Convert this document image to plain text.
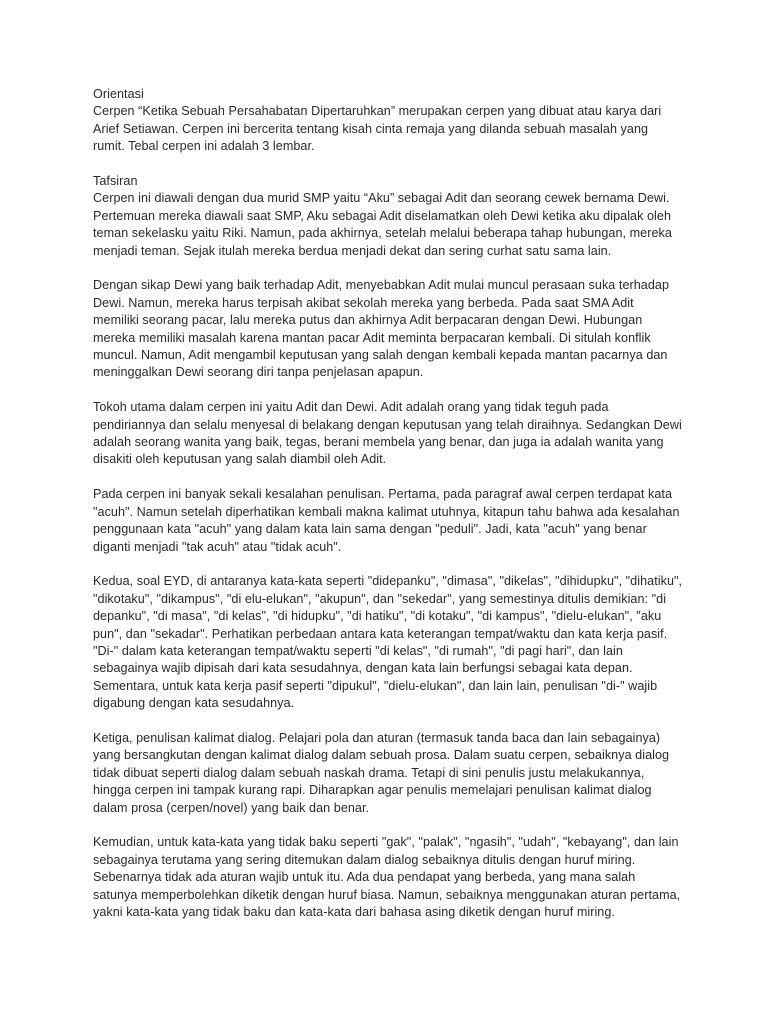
Orientasi

Cerpen “Ketika Sebuah Persahabatan Dipertaruhkan” merupakan cerpen yang dibuat atau karya dari Arief Setiawan. Cerpen ini bercerita tentang kisah cinta remaja yang dilanda sebuah masalah yang rumit. Tebal cerpen ini adalah 3 lembar.

Tafsiran

Cerpen ini diawali dengan dua murid SMP yaitu “Aku” sebagai Adit dan seorang cewek bernama Dewi. Pertemuan mereka diawali saat SMP, Aku sebagai Adit diselamatkan oleh Dewi ketika aku dipalak oleh teman sekelasku yaitu Riki. Namun, pada akhirnya, setelah melalui beberapa tahap hubungan, mereka menjadi teman. Sejak itulah mereka berdua menjadi dekat dan sering curhat satu sama lain.

Dengan sikap Dewi yang baik terhadap Adit, menyebabkan Adit mulai muncul perasaan suka terhadap Dewi. Namun, mereka harus terpisah akibat sekolah mereka yang berbeda. Pada saat SMA Adit memiliki seorang pacar, lalu mereka putus dan akhirnya Adit berpacaran dengan Dewi. Hubungan mereka memiliki masalah karena mantan pacar Adit meminta berpacaran kembali. Di situlah konflik muncul. Namun, Adit mengambil keputusan yang salah dengan kembali kepada mantan pacarnya dan meninggalkan Dewi seorang diri tanpa penjelasan apapun.

Tokoh utama dalam cerpen ini yaitu Adit dan Dewi. Adit adalah orang yang tidak teguh pada pendiriannya dan selalu menyesal di belakang dengan keputusan yang telah diraihnya. Sedangkan Dewi adalah seorang wanita yang baik, tegas, berani membela yang benar, dan juga ia adalah wanita yang disakiti oleh keputusan yang salah diambil oleh Adit.

Pada cerpen ini banyak sekali kesalahan penulisan. Pertama, pada paragraf awal cerpen terdapat kata "acuh". Namun setelah diperhatikan kembali makna kalimat utuhnya, kitapun tahu bahwa ada kesalahan penggunaan kata "acuh" yang dalam kata lain sama dengan "peduli". Jadi, kata "acuh" yang benar diganti menjadi "tak acuh" atau "tidak acuh".

Kedua, soal EYD, di antaranya kata-kata seperti "didepanku", "dimasa", "dikelas", "dihidupku", "dihatiku", "dikotaku", "dikampus", "di elu-elukan", "akupun", dan "sekedar", yang semestinya ditulis demikian: "di depanku", "di masa", "di kelas", "di hidupku", "di hatiku", "di kotaku", "di kampus", "dielu-elukan", "aku pun", dan "sekadar". Perhatikan perbedaan antara kata keterangan tempat/waktu dan kata kerja pasif. "Di-" dalam kata keterangan tempat/waktu seperti "di kelas", "di rumah", "di pagi hari", dan lain sebagainya wajib dipisah dari kata sesudahnya, dengan kata lain berfungsi sebagai kata depan. Sementara, untuk kata kerja pasif seperti "dipukul", "dielu-elukan", dan lain lain, penulisan "di-" wajib digabung dengan kata sesudahnya.

Ketiga, penulisan kalimat dialog. Pelajari pola dan aturan (termasuk tanda baca dan lain sebagainya) yang bersangkutan dengan kalimat dialog dalam sebuah prosa. Dalam suatu cerpen, sebaiknya dialog tidak dibuat seperti dialog dalam sebuah naskah drama. Tetapi di sini penulis justu melakukannya, hingga cerpen ini tampak kurang rapi. Diharapkan agar penulis memelajari penulisan kalimat dialog dalam prosa (cerpen/novel) yang baik dan benar.

Kemudian, untuk kata-kata yang tidak baku seperti "gak", "palak", "ngasih", "udah", "kebayang", dan lain sebagainya terutama yang sering ditemukan dalam dialog sebaiknya ditulis dengan huruf miring. Sebenarnya tidak ada aturan wajib untuk itu. Ada dua pendapat yang berbeda, yang mana salah satunya memperbolehkan diketik dengan huruf biasa. Namun, sebaiknya menggunakan aturan pertama, yakni kata-kata yang tidak baku dan kata-kata dari bahasa asing diketik dengan huruf miring.
